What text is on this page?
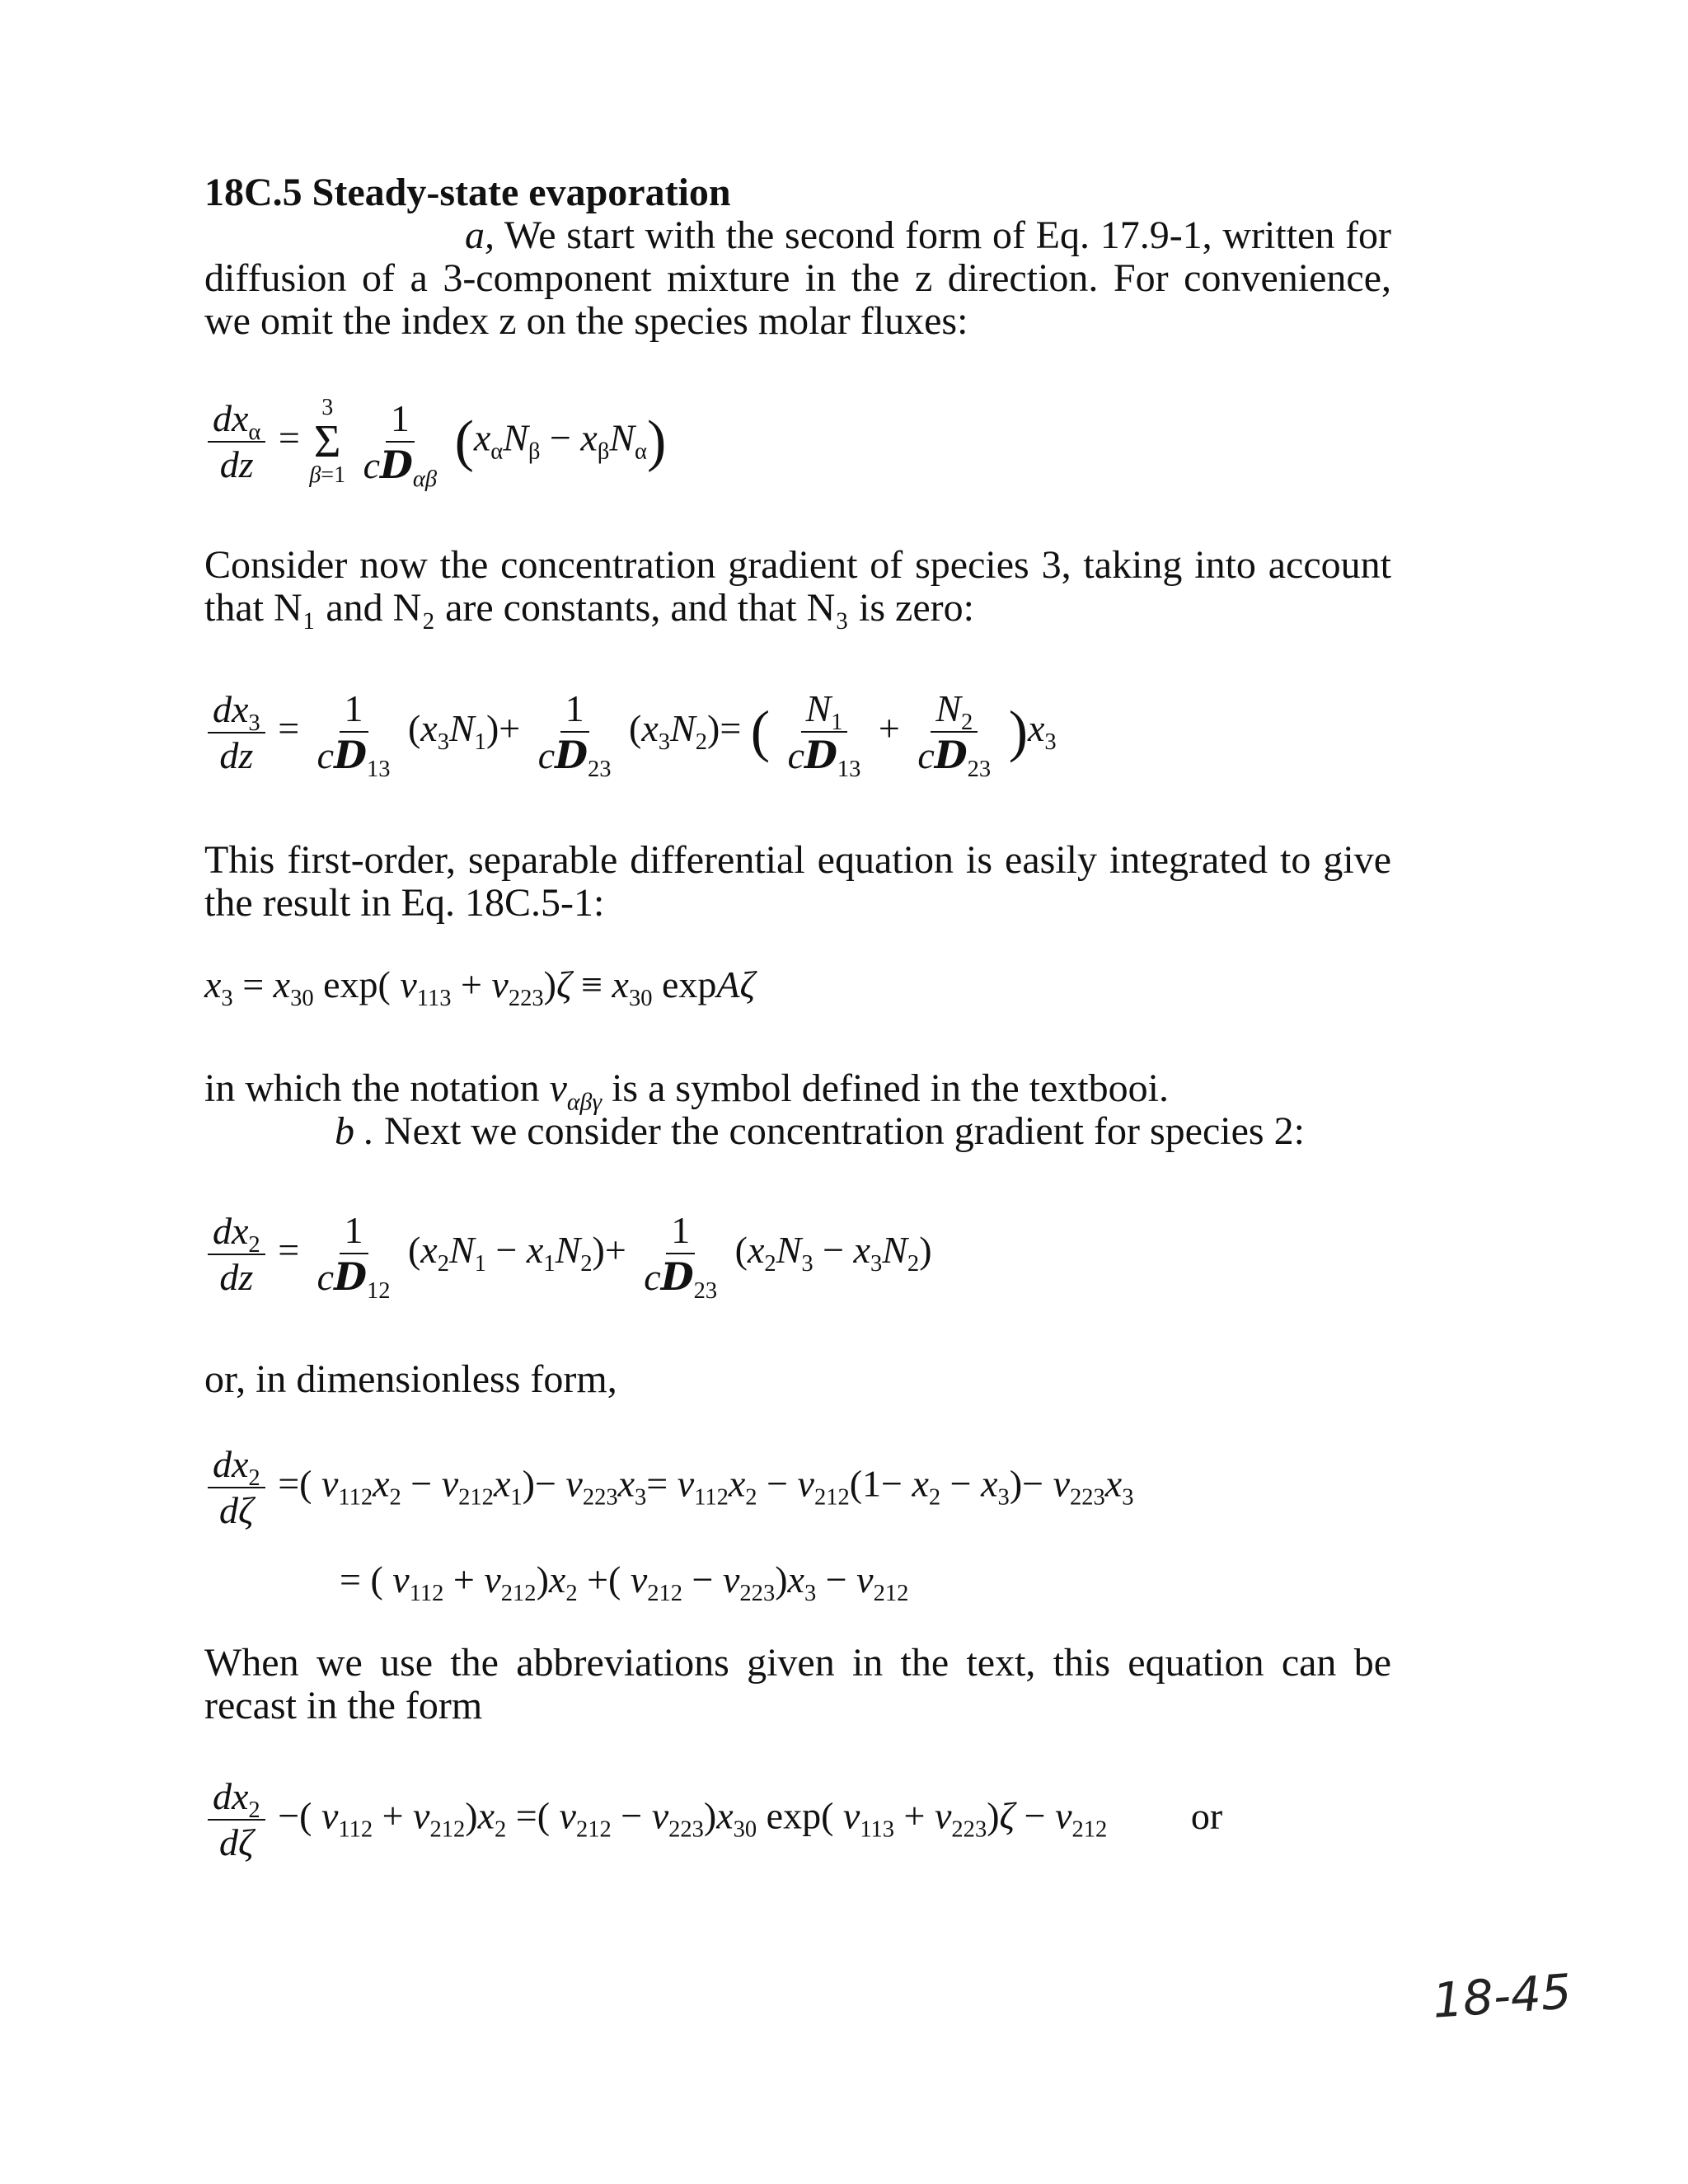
18C.5 Steady-state evaporation
a, We start with the second form of Eq. 17.9-1, written for diffusion of a 3-component mixture in the z direction. For convenience, we omit the index z on the species molar fluxes:
$\frac{dx_\alpha}{dz}$ =
3
Σ
β=1
$\frac{1}{cD_{\alpha\beta}} (x_\alpha N_\beta - x_\beta N_\alpha)$
Consider now the concentration gradient of species 3, taking into account that N₁ and N₂ are constants, and that N₃ is zero:
$\frac{dx_3}{dz} = \frac{1}{cD_{13}} (x_3N_1)+ \frac{1}{cD_{23}} (x_3N_2)=$ ( $\frac{N_1}{cD_{13}} + \frac{N_2}{cD_{23}} )x_3$
This first-order, separable differential equation is easily integrated to give the result in Eq. 18C.5-1:
$x_3 = x_{30}$ exp( $\nu_{113} + \nu_{223})\zeta \equiv x_{30}$ expAζ
in which the notation $\nu_{\alpha\beta\gamma}$ is a symbol defined in the textbooi.
b . Next we consider the concentration gradient for species 2:
$\frac{dx_2}{dz} = \frac{1}{cD_{12}} (x_2N_1 - x_1N_2)+ \frac{1}{cD_{23}} (x_2N_3 - x_3N_2)$
or, in dimensionless form,
$\frac{dx_2}{d\zeta}$ =( $\nu_{112}x_2 - \nu_{212}x_1)- \nu_{223}x_3= \nu_{112}x_2 - \nu_{212}(1- x_2 - x_3)- \nu_{223}x_3$
= ( $\nu_{112} + \nu_{212})x_2$ +( $\nu_{212} - \nu_{223})x_3 - \nu_{212}$
When we use the abbreviations given in the text, this equation can be recast in the form
$\frac{dx_2}{d\zeta}$ −( $\nu_{112} + \nu_{212})x_2$ =( $\nu_{212} - \nu_{223})x_{30}$ exp( $\nu_{113} + \nu_{223})\zeta - \nu_{212}$ or
18-45
